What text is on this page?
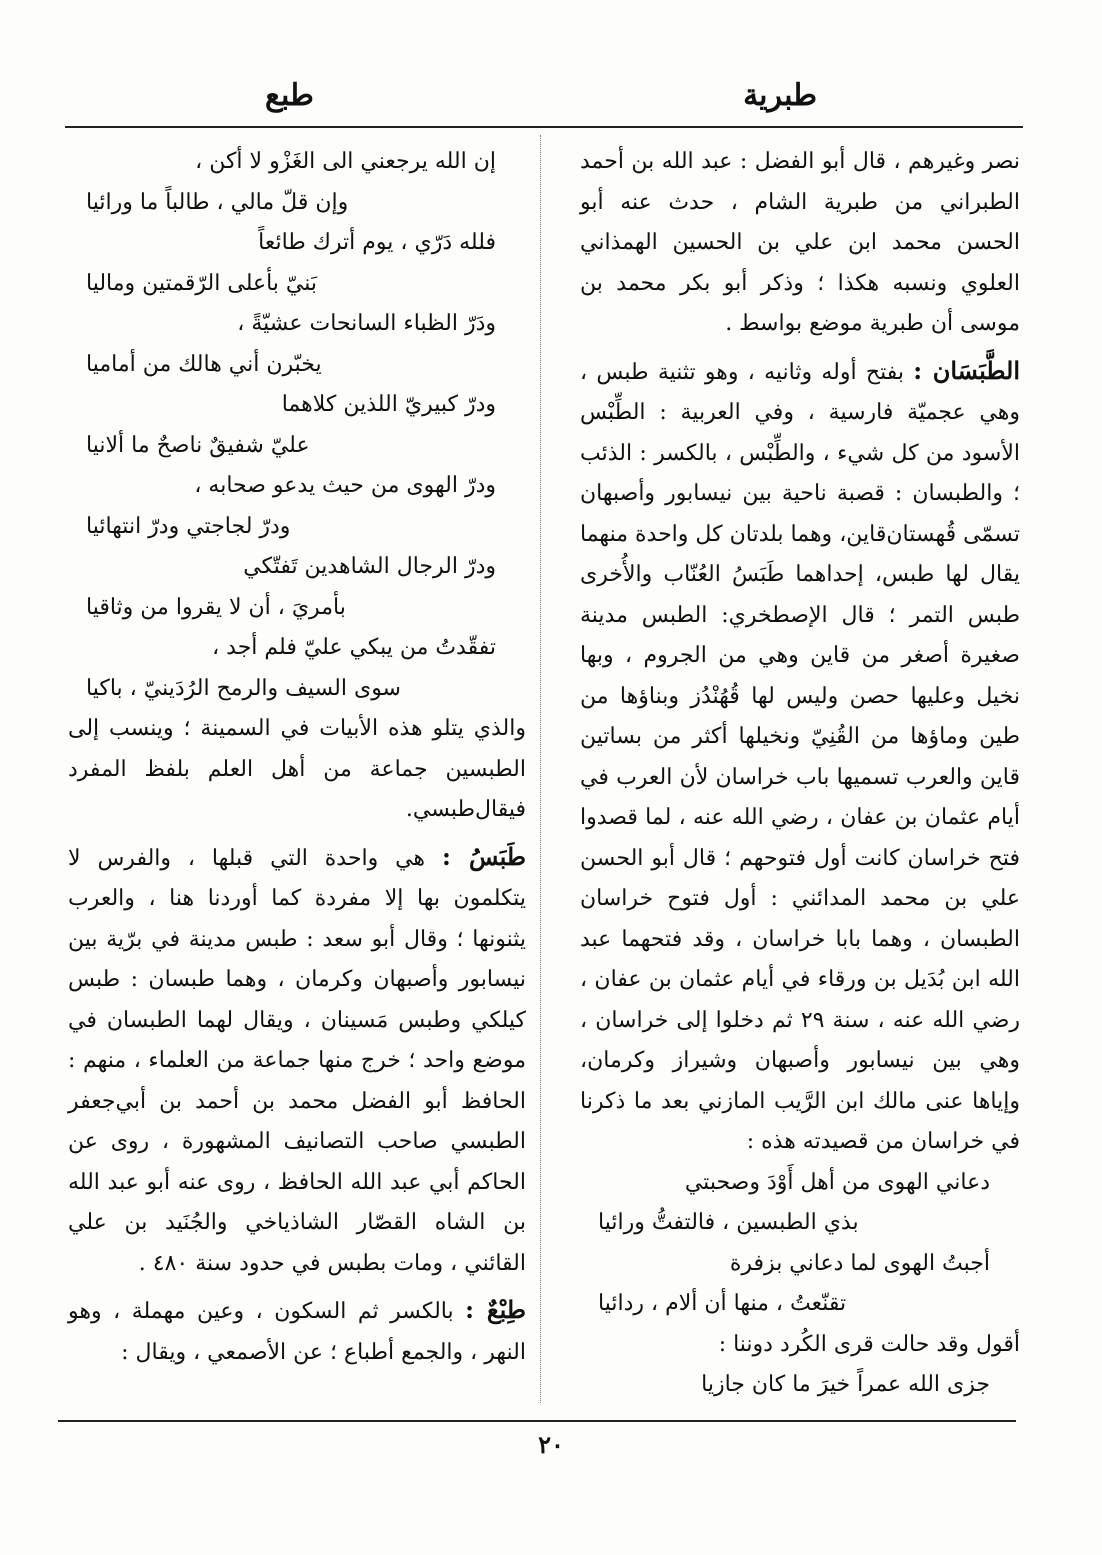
طبرية
طبع

نصر وغيرهم ، قال أبو الفضل : عبد الله بن أحمد الطبراني من طبرية الشام ، حدث عنه أبو الحسن محمد ابن علي بن الحسين الهمذاني العلوي ونسبه هكذا ؛ وذكر أبو بكر محمد بن موسى أن طبرية موضع بواسط .

الطَّبَسَان : بفتح أوله وثانيه ، وهو تثنية طبس ، وهي عجميّة فارسية ، وفي العربية : الطِّبْس الأسود من كل شيء ، والطِّبْس ، بالكسر : الذئب ؛ والطبسان : قصبة ناحية بين نيسابور وأصبهان تسمّى قُهستان‌قاين، وهما بلدتان كل واحدة منهما يقال لها طبس، إحداهما طَبَسُ العُنّاب والأُخرى طبس التمر ؛ قال الإصطخري: الطبس مدينة صغيرة أصغر من قاين وهي من الجروم ، وبها نخيل وعليها حصن وليس لها قُهُنْدُز وبناؤها من طين وماؤها من القُنِيّ ونخيلها أكثر من بساتين قاين والعرب تسميها باب خراسان لأن العرب في أيام عثمان بن عفان ، رضي الله عنه ، لما قصدوا فتح خراسان كانت أول فتوحهم ؛ قال أبو الحسن علي بن محمد المدائني : أول فتوح خراسان الطبسان ، وهما بابا خراسان ، وقد فتحهما عبد الله ابن بُدَيل بن ورقاء في أيام عثمان بن عفان ، رضي الله عنه ، سنة ٢٩ ثم دخلوا إلى خراسان ، وهي بين نيسابور وأصبهان وشيراز وكرمان، وإياها عنى مالك ابن الرَّيب المازني بعد ما ذكرنا في خراسان من قصيدته هذه :

دعاني الهوى من أهل أَوْدَ وصحبتي
بذي الطبسين ، فالتفتُّ ورائيا
أجبتُ الهوى لما دعاني بزفرة
تقنّعتُ ، منها أن ألام ، ردائيا

أقول وقد حالت قرى الكُرد دوننا :

جزى الله عمراً خيرَ ما كان جازيا
إن الله يرجعني الى الغَزْو لا أكن ،
وإن قلّ مالي ، طالباً ما ورائيا
فلله دَرّي ، يوم أترك طائعاً
بَنيّ بأعلى الرّقمتين وماليا
ودَرّ الظباء السانحات عشيّةً ،
يخبّرن أني هالك من أماميا
ودرّ كبيريّ اللذين كلاهما
عليّ شفيقٌ ناصحٌ ما ألانيا
ودرّ الهوى من حيث يدعو صحابه ،
ودرّ لجاجتي ودرّ انتهائيا
ودرّ الرجال الشاهدين تَفتّكي
بأمريَ ، أن لا يقروا من وثاقيا
تفقّدتُ من يبكي عليّ فلم أجد ،
سوى السيف والرمح الرُدَينيّ ، باكيا

والذي يتلو هذه الأبيات في السمينة ؛ وينسب إلى الطبسين جماعة من أهل العلم بلفظ المفرد فيقال‌طبسي.

طَبَسُ : هي واحدة التي قبلها ، والفرس لا يتكلمون بها إلا مفردة كما أوردنا هنا ، والعرب يثنونها ؛ وقال أبو سعد : طبس مدينة في برّية بين نيسابور وأصبهان وكرمان ، وهما طبسان : طبس كيلكي وطبس مَسينان ، ويقال لهما الطبسان في موضع واحد ؛ خرج منها جماعة من العلماء ، منهم : الحافظ أبو الفضل محمد بن أحمد بن أبي‌جعفر الطبسي صاحب التصانيف المشهورة ، روى عن الحاكم أبي عبد الله الحافظ ، روى عنه أبو عبد الله بن الشاه القصّار الشاذياخي والجُنَيد بن علي القائني ، ومات بطبس في حدود سنة ٤٨٠ .

طِبْعٌ : بالكسر ثم السكون ، وعين مهملة ، وهو النهر ، والجمع أطباع ؛ عن الأصمعي ، ويقال :

٢٠
